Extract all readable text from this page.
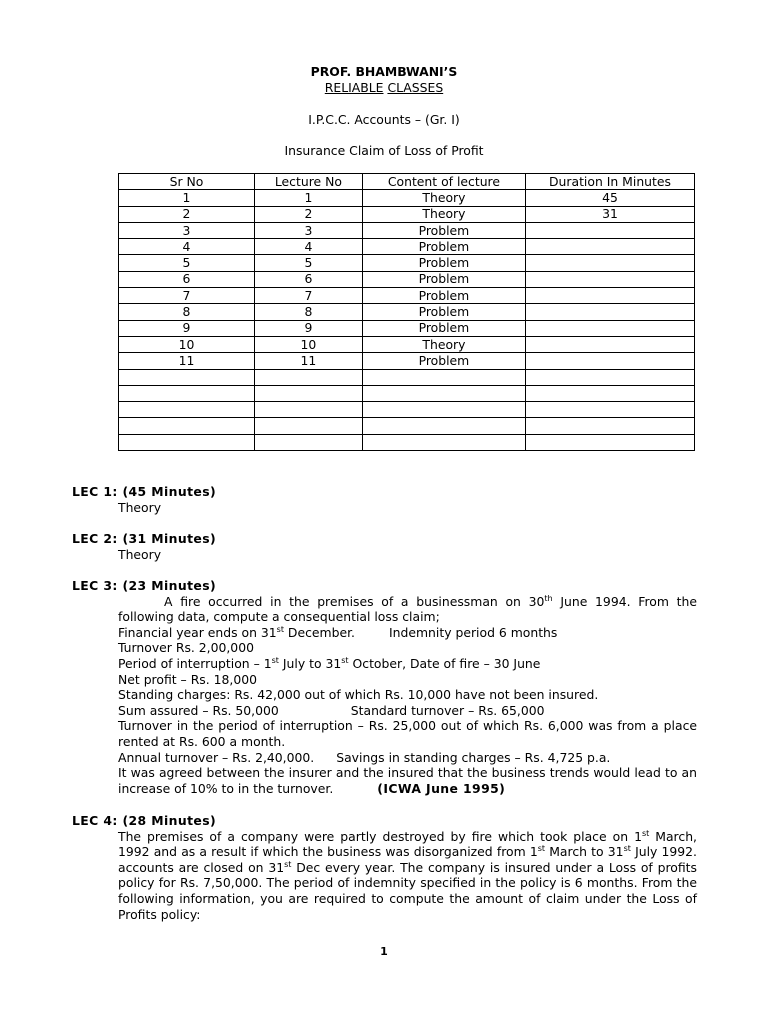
PROF. BHAMBWANI’S
RELIABLE CLASSES
I.P.C.C. Accounts – (Gr. I)
Insurance Claim of Loss of Profit
Sr No	Lecture No	Content of lecture	Duration In Minutes
1	1	Theory	45
2	2	Theory	31
3	3	Problem	
4	4	Problem	
5	5	Problem	
6	6	Problem	
7	7	Problem	
8	8	Problem	
9	9	Problem	
10	10	Theory	
11	11	Problem	

LEC 1: (45 Minutes)
Theory
LEC 2: (31 Minutes)
Theory
LEC 3: (23 Minutes)
A fire occurred in the premises of a businessman on 30th June 1994. From the following data, compute a consequential loss claim;
Financial year ends on 31st December.	Indemnity period 6 months
Turnover Rs. 2,00,000
Period of interruption – 1st July to 31st October, Date of fire – 30 June
Net profit – Rs. 18,000
Standing charges: Rs. 42,000 out of which Rs. 10,000 have not been insured.
Sum assured – Rs. 50,000	Standard turnover – Rs. 65,000
Turnover in the period of interruption – Rs. 25,000 out of which Rs. 6,000 was from a place rented at Rs. 600 a month.
Annual turnover – Rs. 2,40,000. Savings in standing charges – Rs. 4,725 p.a.
It was agreed between the insurer and the insured that the business trends would lead to an increase of 10% to in the turnover.	(ICWA June 1995)
LEC 4: (28 Minutes)
The premises of a company were partly destroyed by fire which took place on 1st March, 1992 and as a result if which the business was disorganized from 1st March to 31st July 1992. accounts are closed on 31st Dec every year. The company is insured under a Loss of profits policy for Rs. 7,50,000. The period of indemnity specified in the policy is 6 months. From the following information, you are required to compute the amount of claim under the Loss of Profits policy:
1
